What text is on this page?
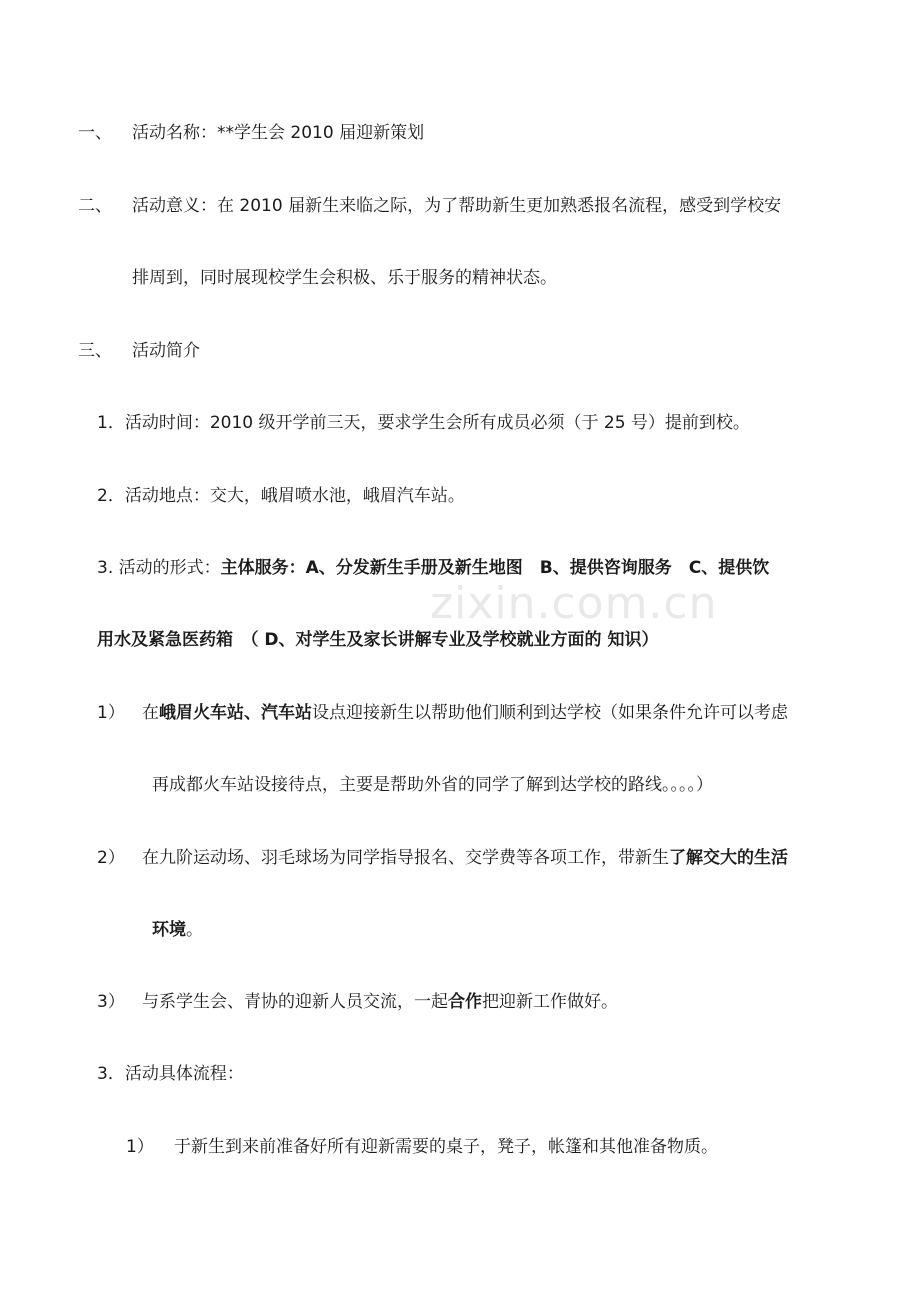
zixin.com.cn
一、 活动名称：**学生会 2010 届迎新策划
二、 活动意义：在 2010 届新生来临之际，为了帮助新生更加熟悉报名流程，感受到学校安
排周到，同时展现校学生会积极、乐于服务的精神状态。
三、 活动简介
1．活动时间：2010 级开学前三天，要求学生会所有成员必须（于 25 号）提前到校。
2．活动地点：交大，峨眉喷水池，峨眉汽车站。
3. 活动的形式：主体服务：A、分发新生手册及新生地图　B、提供咨询服务　C、提供饮
用水及紧急医药箱　（ D、对学生及家长讲解专业及学校就业方面的 知识）
1） 在峨眉火车站、汽车站设点迎接新生以帮助他们顺利到达学校（如果条件允许可以考虑
再成都火车站设接待点，主要是帮助外省的同学了解到达学校的路线。。。。）
2） 在九阶运动场、羽毛球场为同学指导报名、交学费等各项工作，带新生了解交大的生活
环境。
3） 与系学生会、青协的迎新人员交流，一起合作把迎新工作做好。
3．活动具体流程：
1） 于新生到来前准备好所有迎新需要的桌子，凳子，帐篷和其他准备物质。
